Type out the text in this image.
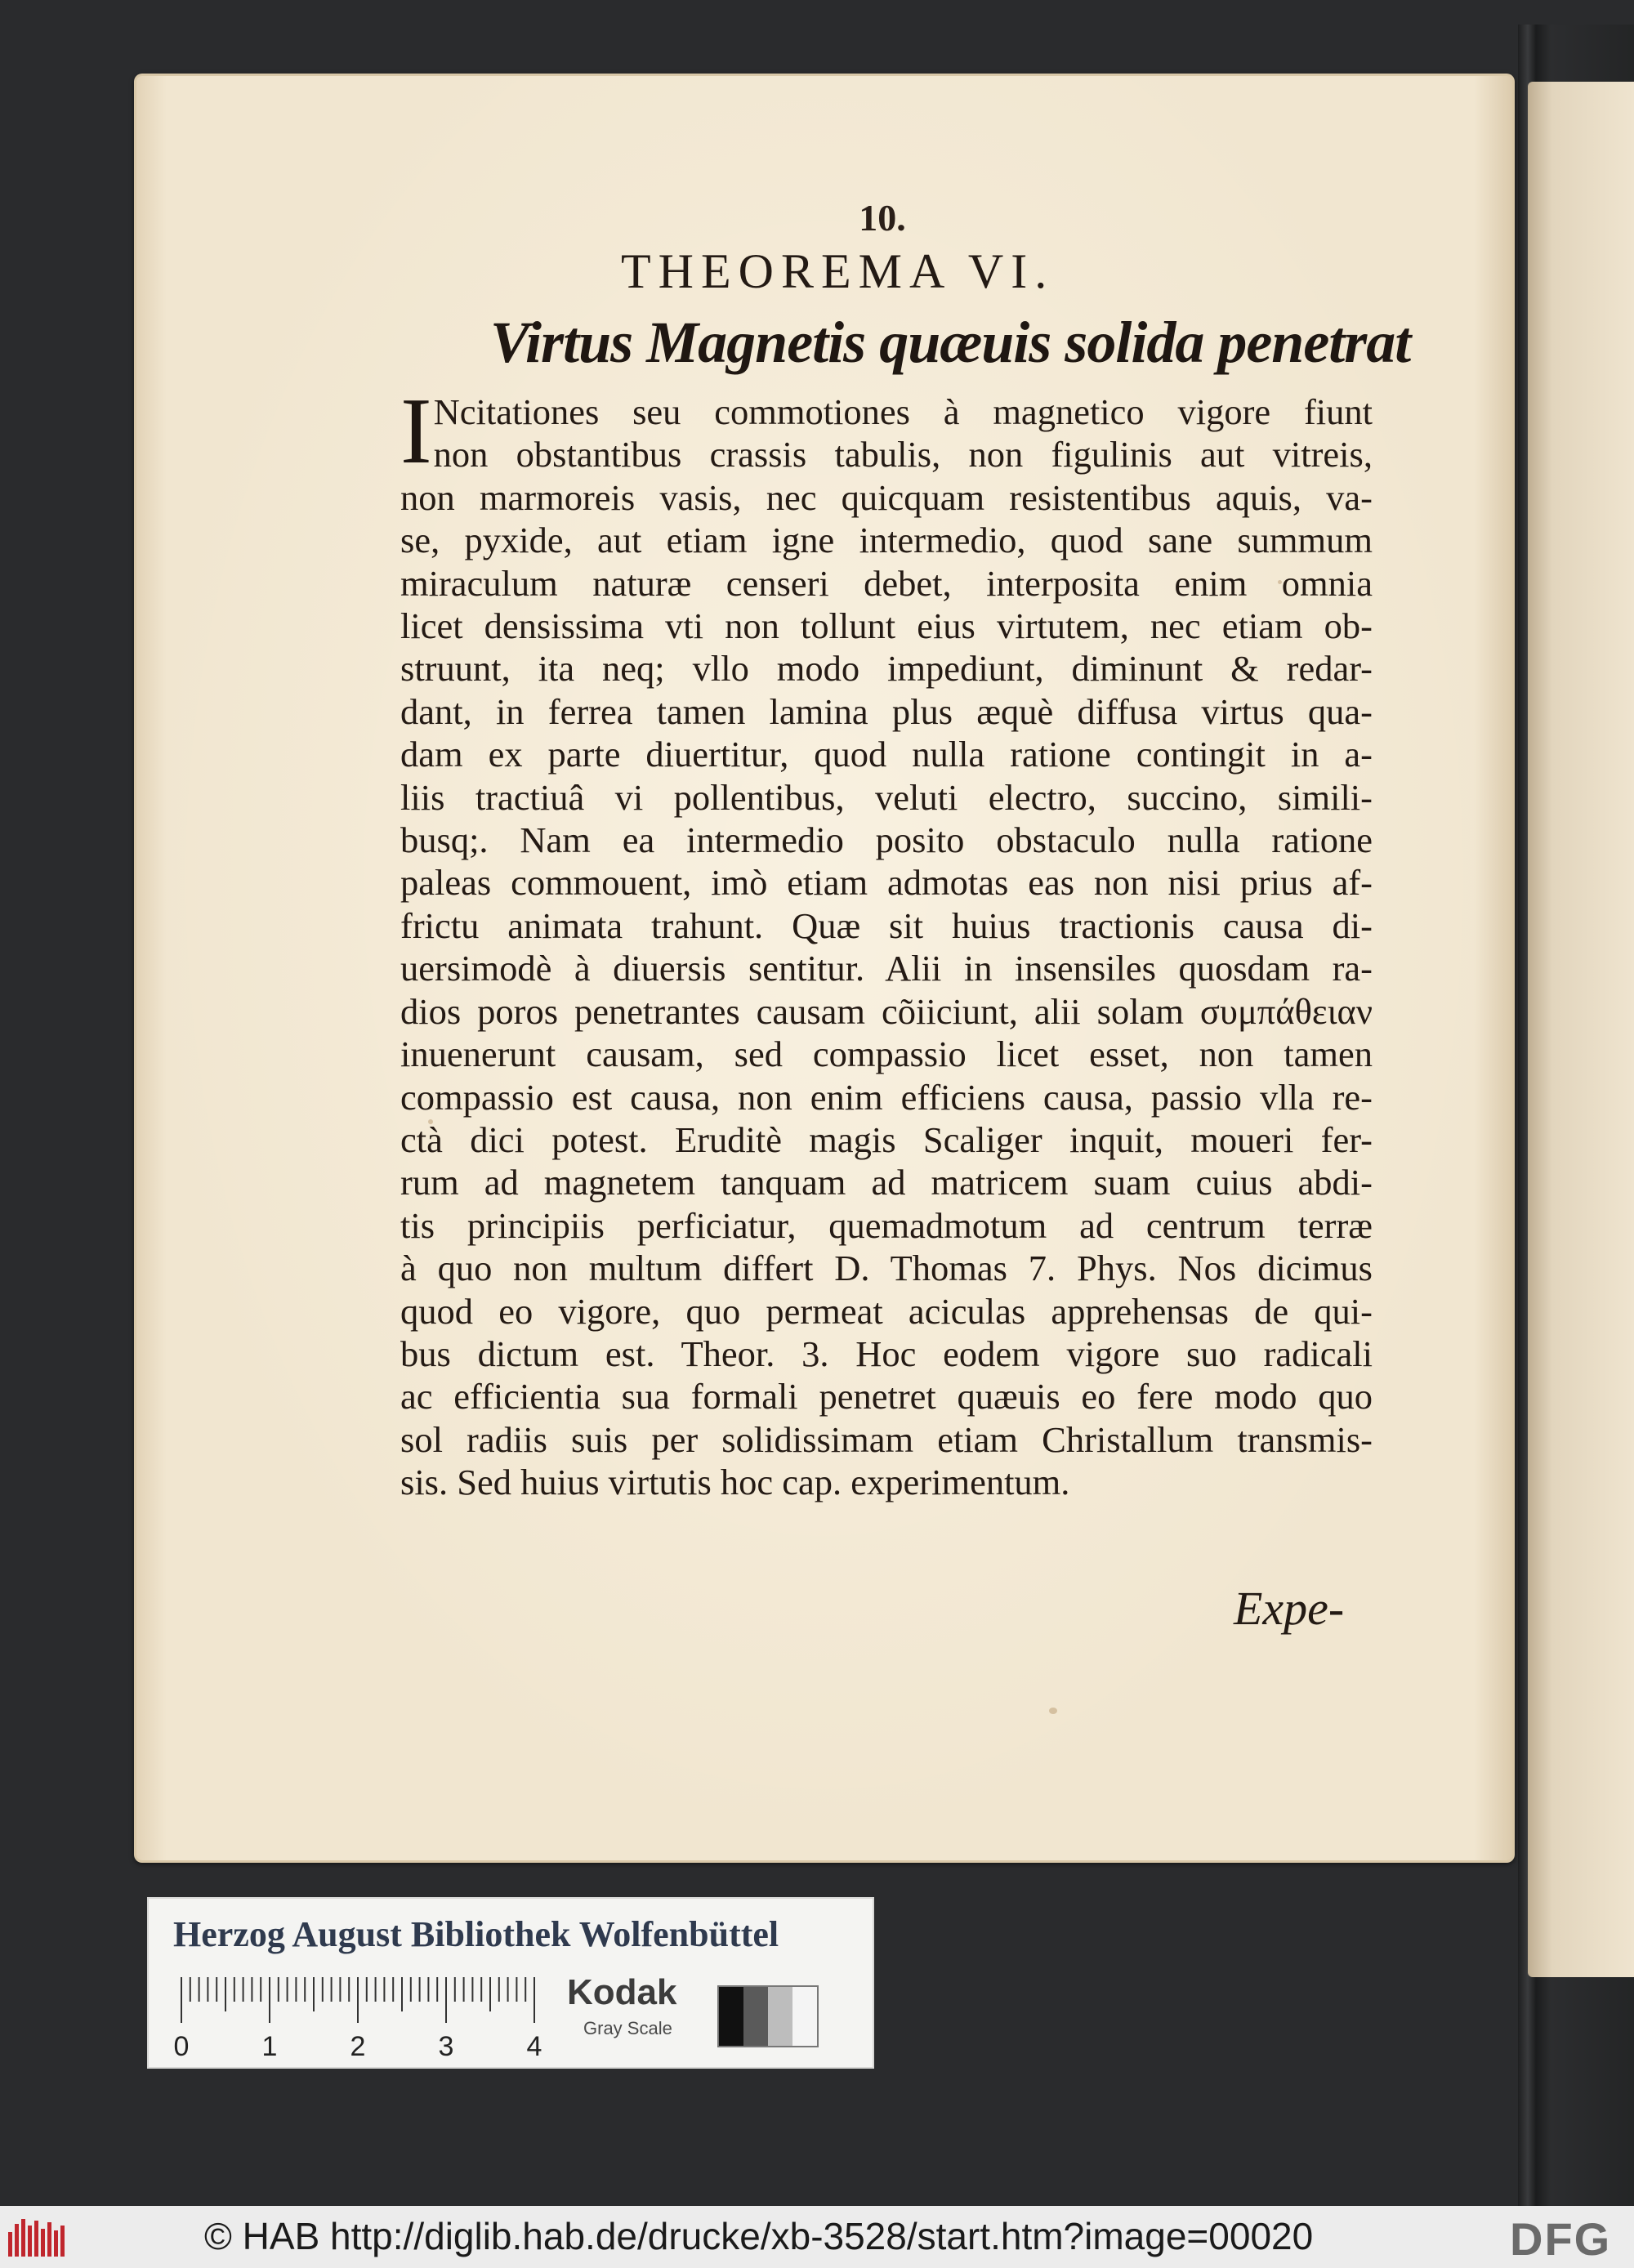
10.
THEOREMA VI.
Virtus Magnetis quæuis solida penetrat
I Ncitationes seu commotiones à magnetico vigore fiunt
non obstantibus crassis tabulis, non figulinis aut vitreis,
non marmoreis vasis, nec quicquam resistentibus aquis, va-
se, pyxide, aut etiam igne intermedio, quod sane summum
miraculum naturæ censeri debet, interposita enim omnia
licet densissima vti non tollunt eius virtutem, nec etiam ob-
struunt, ita neq; vllo modo impediunt, diminunt & redar-
dant, in ferrea tamen lamina plus æquè diffusa virtus qua-
dam ex parte diuertitur, quod nulla ratione contingit in a-
liis tractiuâ vi pollentibus, veluti electro, succino, simili-
busq;. Nam ea intermedio posito obstaculo nulla ratione
paleas commouent, imò etiam admotas eas non nisi prius af-
frictu animata trahunt. Quæ sit huius tractionis causa di-
uersimodè à diuersis sentitur. Alii in insensiles quosdam ra-
dios poros penetrantes causam cõiiciunt, alii solam συμπάθειαν
inuenerunt causam, sed compassio licet esset, non tamen
compassio est causa, non enim efficiens causa, passio vlla re-
ctà dici potest. Eruditè magis Scaliger inquit, moueri fer-
rum ad magnetem tanquam ad matricem suam cuius abdi-
tis principiis perficiatur, quemadmotum ad centrum terræ
à quo non multum differt D. Thomas 7. Phys. Nos dicimus
quod eo vigore, quo permeat aciculas apprehensas de qui-
bus dictum est. Theor. 3. Hoc eodem vigore suo radicali
ac efficientia sua formali penetret quæuis eo fere modo quo
sol radiis suis per solidissimam etiam Christallum transmis-
sis. Sed huius virtutis hoc cap. experimentum.
Expe-
Herzog August Bibliothek Wolfenbüttel
0	1	2	3	4
Kodak
Gray Scale
© HAB http://diglib.hab.de/drucke/xb-3528/start.htm?image=00020	DFG
